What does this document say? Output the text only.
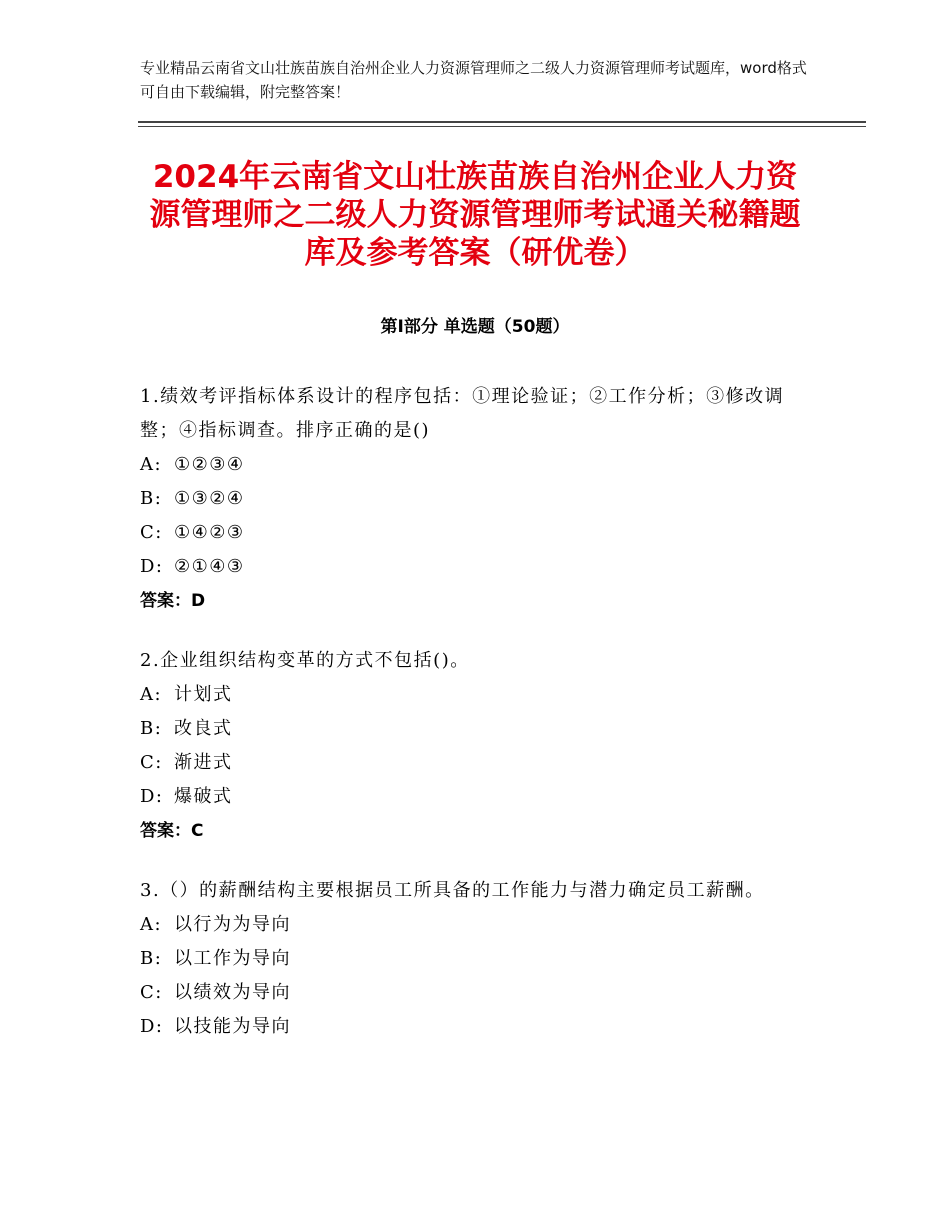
专业精品云南省文山壮族苗族自治州企业人力资源管理师之二级人力资源管理师考试题库，word格式可自由下载编辑，附完整答案！
2024年云南省文山壮族苗族自治州企业人力资源管理师之二级人力资源管理师考试通关秘籍题库及参考答案（研优卷）
第Ⅰ部分 单选题（50题）

1.绩效考评指标体系设计的程序包括：①理论验证；②工作分析；③修改调整；④指标调查。排序正确的是()

A: ①②③④

B: ①③②④

C: ①④②③

D: ②①④③

答案：D

2.企业组织结构变革的方式不包括()。

A: 计划式

B: 改良式

C: 渐进式

D: 爆破式

答案：C

3.（）的薪酬结构主要根据员工所具备的工作能力与潜力确定员工薪酬。

A: 以行为为导向

B: 以工作为导向

C: 以绩效为导向

D: 以技能为导向
